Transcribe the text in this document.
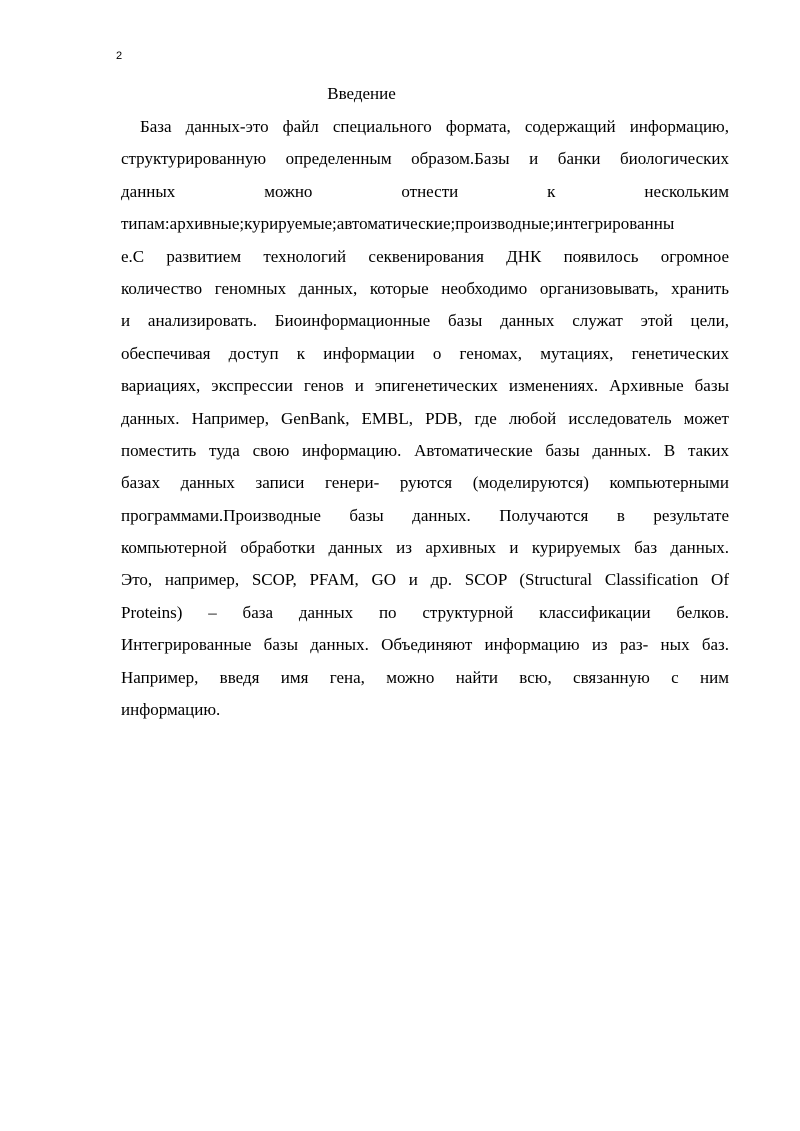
2
Введение
База данных-это файл специального формата, содержащий информацию,
структурированную определенным образом.Базы и банки биологических
данных можно отнести к нескольким
типам:архивные;курируемые;автоматические;производные;интегрированны
е.С развитием технологий секвенирования ДНК появилось огромное
количество геномных данных, которые необходимо организовывать, хранить
и анализировать. Биоинформационные базы данных служат этой цели,
обеспечивая доступ к информации о геномах, мутациях, генетических
вариациях, экспрессии генов и эпигенетических изменениях. Архивные базы
данных. Например, GenBank, EMBL, PDB, где любой исследователь может
поместить туда свою информацию. Автоматические базы данных. В таких
базах данных записи генери- руются (моделируются) компьютерными
программами.Производные базы данных. Получаются в результате
компьютерной обработки данных из архивных и курируемых баз данных.
Это, например, SCOP, PFAM, GO и др. SCOP (Structural Classification Of
Proteins) – база данных по структурной классификации белков.
Интегрированные базы данных. Объединяют информацию из раз- ных баз.
Например, введя имя гена, можно найти всю, связанную с ним
информацию.
